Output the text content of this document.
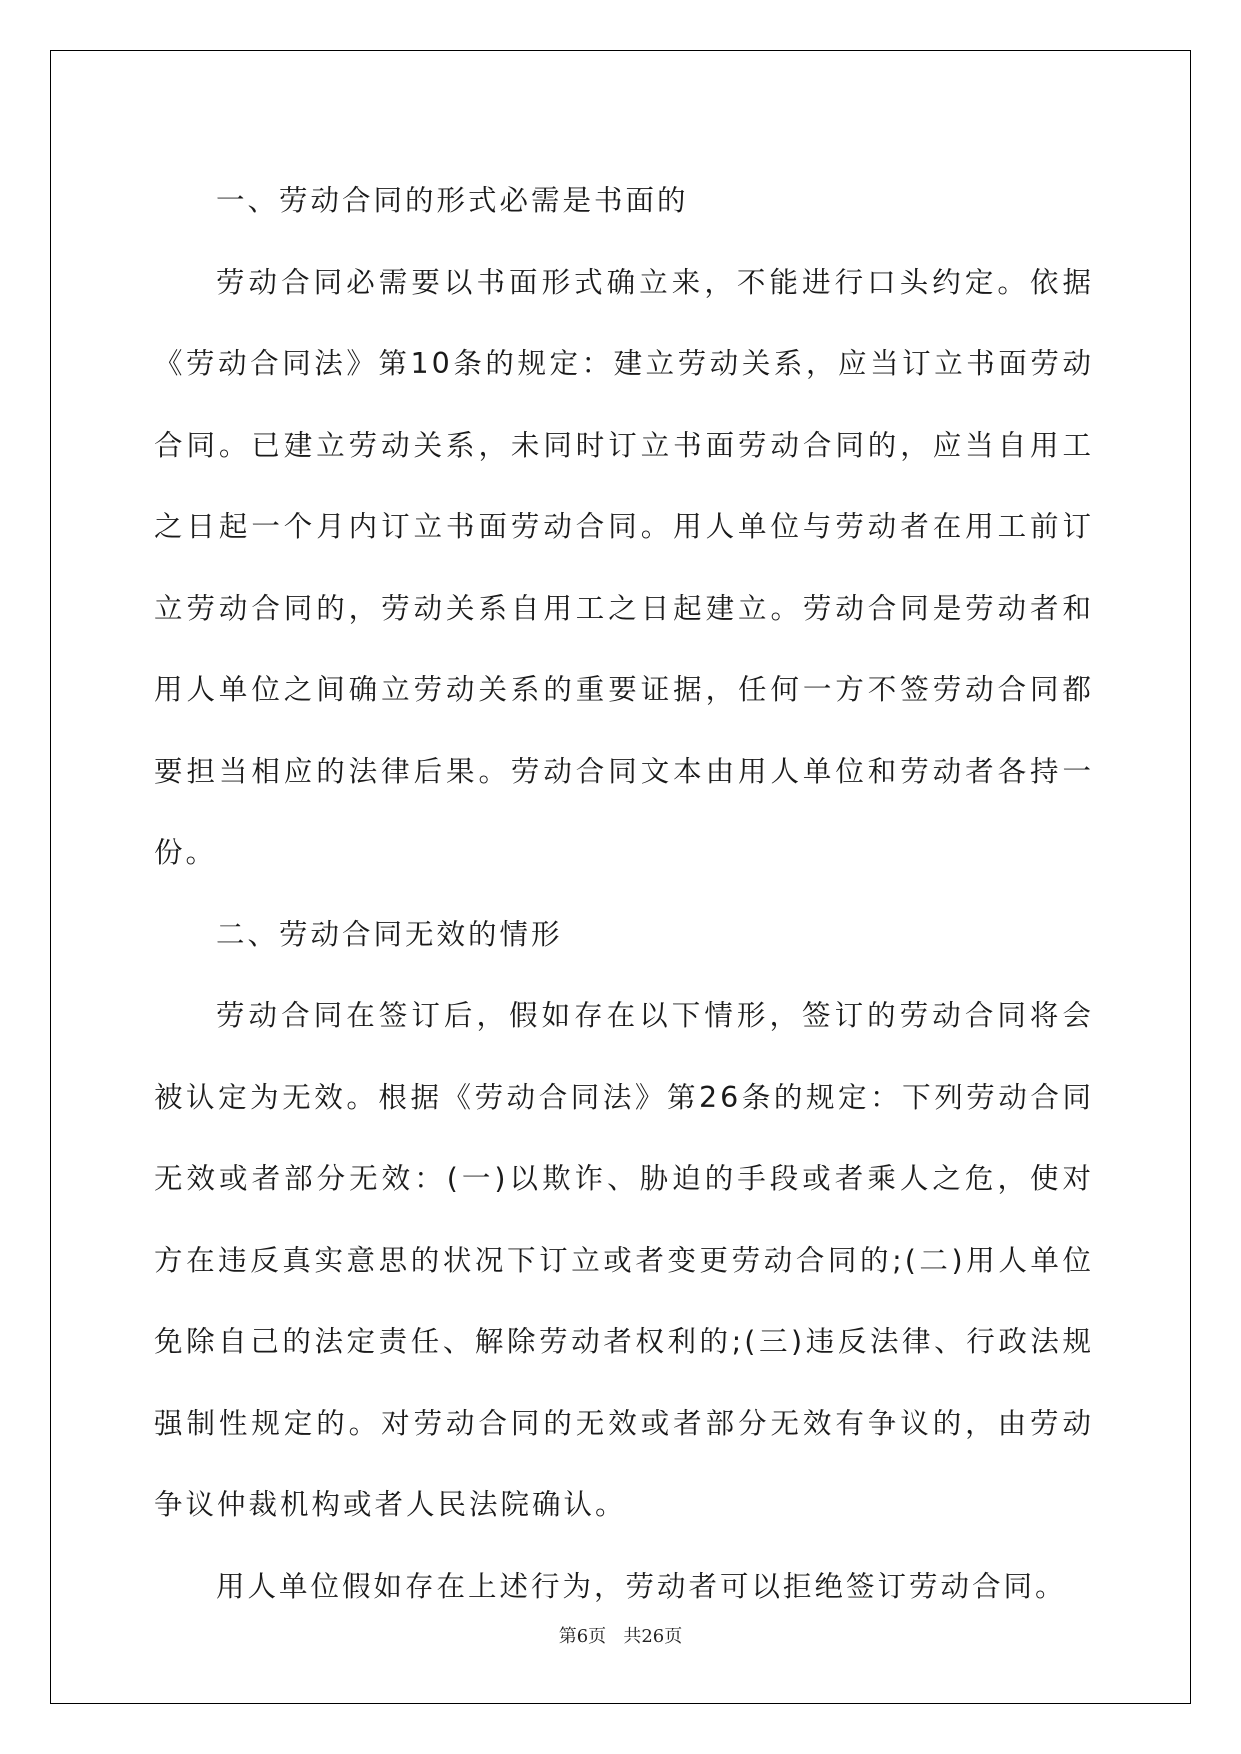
一、劳动合同的形式必需是书面的

劳动合同必需要以书面形式确立来，不能进行口头约定。依据《劳动合同法》第10条的规定：建立劳动关系，应当订立书面劳动合同。已建立劳动关系，未同时订立书面劳动合同的，应当自用工之日起一个月内订立书面劳动合同。用人单位与劳动者在用工前订立劳动合同的，劳动关系自用工之日起建立。劳动合同是劳动者和用人单位之间确立劳动关系的重要证据，任何一方不签劳动合同都要担当相应的法律后果。劳动合同文本由用人单位和劳动者各持一份。

二、劳动合同无效的情形

劳动合同在签订后，假如存在以下情形，签订的劳动合同将会被认定为无效。根据《劳动合同法》第26条的规定：下列劳动合同无效或者部分无效：(一)以欺诈、胁迫的手段或者乘人之危，使对方在违反真实意思的状况下订立或者变更劳动合同的;(二)用人单位免除自己的法定责任、解除劳动者权利的;(三)违反法律、行政法规强制性规定的。对劳动合同的无效或者部分无效有争议的，由劳动争议仲裁机构或者人民法院确认。

用人单位假如存在上述行为，劳动者可以拒绝签订劳动合同。

第6页 共26页
